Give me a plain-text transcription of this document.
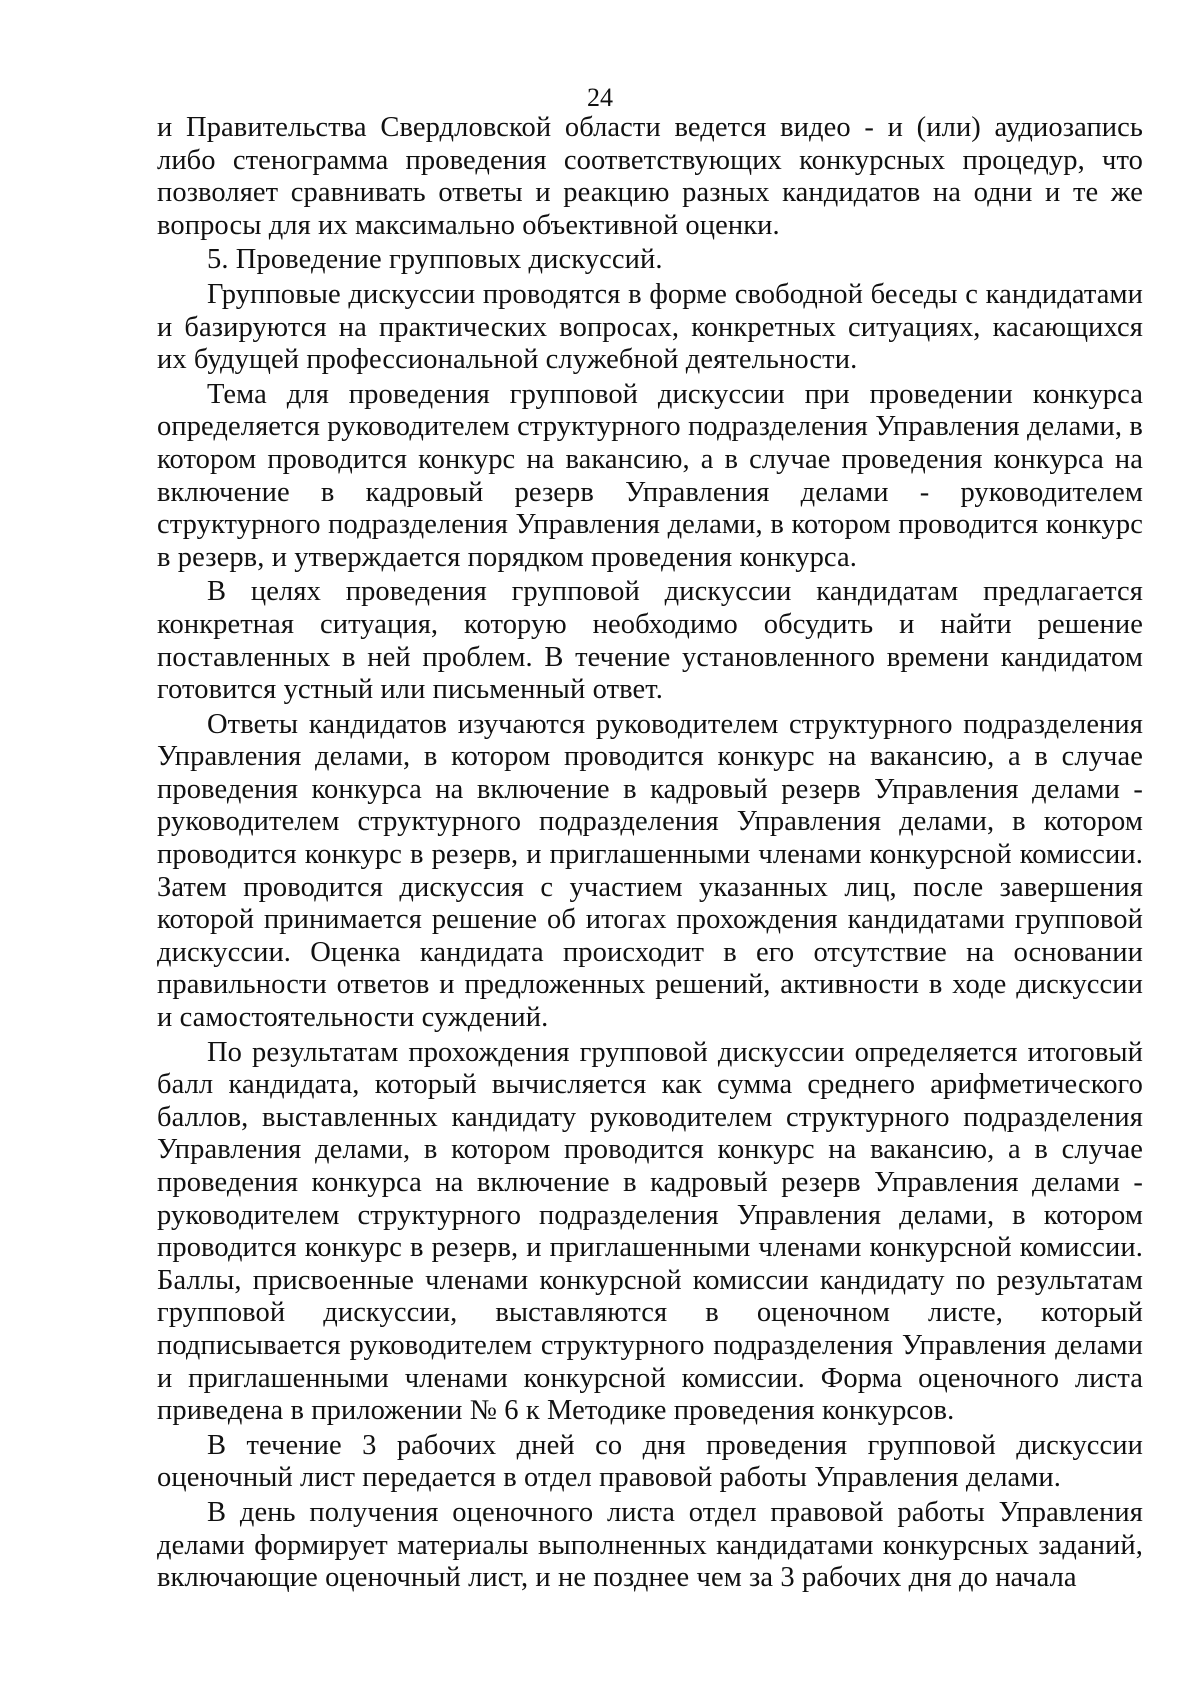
24

и Правительства Свердловской области ведется видео - и (или) аудиозапись либо стенограмма проведения соответствующих конкурсных процедур, что позволяет сравнивать ответы и реакцию разных кандидатов на одни и те же вопросы для их максимально объективной оценки.

5. Проведение групповых дискуссий.

Групповые дискуссии проводятся в форме свободной беседы с кандидатами и базируются на практических вопросах, конкретных ситуациях, касающихся их будущей профессиональной служебной деятельности.

Тема для проведения групповой дискуссии при проведении конкурса определяется руководителем структурного подразделения Управления делами, в котором проводится конкурс на вакансию, а в случае проведения конкурса на включение в кадровый резерв Управления делами - руководителем структурного подразделения Управления делами, в котором проводится конкурс в резерв, и утверждается порядком проведения конкурса.

В целях проведения групповой дискуссии кандидатам предлагается конкретная ситуация, которую необходимо обсудить и найти решение поставленных в ней проблем. В течение установленного времени кандидатом готовится устный или письменный ответ.

Ответы кандидатов изучаются руководителем структурного подразделения Управления делами, в котором проводится конкурс на вакансию, а в случае проведения конкурса на включение в кадровый резерв Управления делами - руководителем структурного подразделения Управления делами, в котором проводится конкурс в резерв, и приглашенными членами конкурсной комиссии. Затем проводится дискуссия с участием указанных лиц, после завершения которой принимается решение об итогах прохождения кандидатами групповой дискуссии. Оценка кандидата происходит в его отсутствие на основании правильности ответов и предложенных решений, активности в ходе дискуссии и самостоятельности суждений.

По результатам прохождения групповой дискуссии определяется итоговый балл кандидата, который вычисляется как сумма среднего арифметического баллов, выставленных кандидату руководителем структурного подразделения Управления делами, в котором проводится конкурс на вакансию, а в случае проведения конкурса на включение в кадровый резерв Управления делами - руководителем структурного подразделения Управления делами, в котором проводится конкурс в резерв, и приглашенными членами конкурсной комиссии. Баллы, присвоенные членами конкурсной комиссии кандидату по результатам групповой дискуссии, выставляются в оценочном листе, который подписывается руководителем структурного подразделения Управления делами и приглашенными членами конкурсной комиссии. Форма оценочного листа приведена в приложении № 6 к Методике проведения конкурсов.

В течение 3 рабочих дней со дня проведения групповой дискуссии оценочный лист передается в отдел правовой работы Управления делами.

В день получения оценочного листа отдел правовой работы Управления делами формирует материалы выполненных кандидатами конкурсных заданий, включающие оценочный лист, и не позднее чем за 3 рабочих дня до начала
